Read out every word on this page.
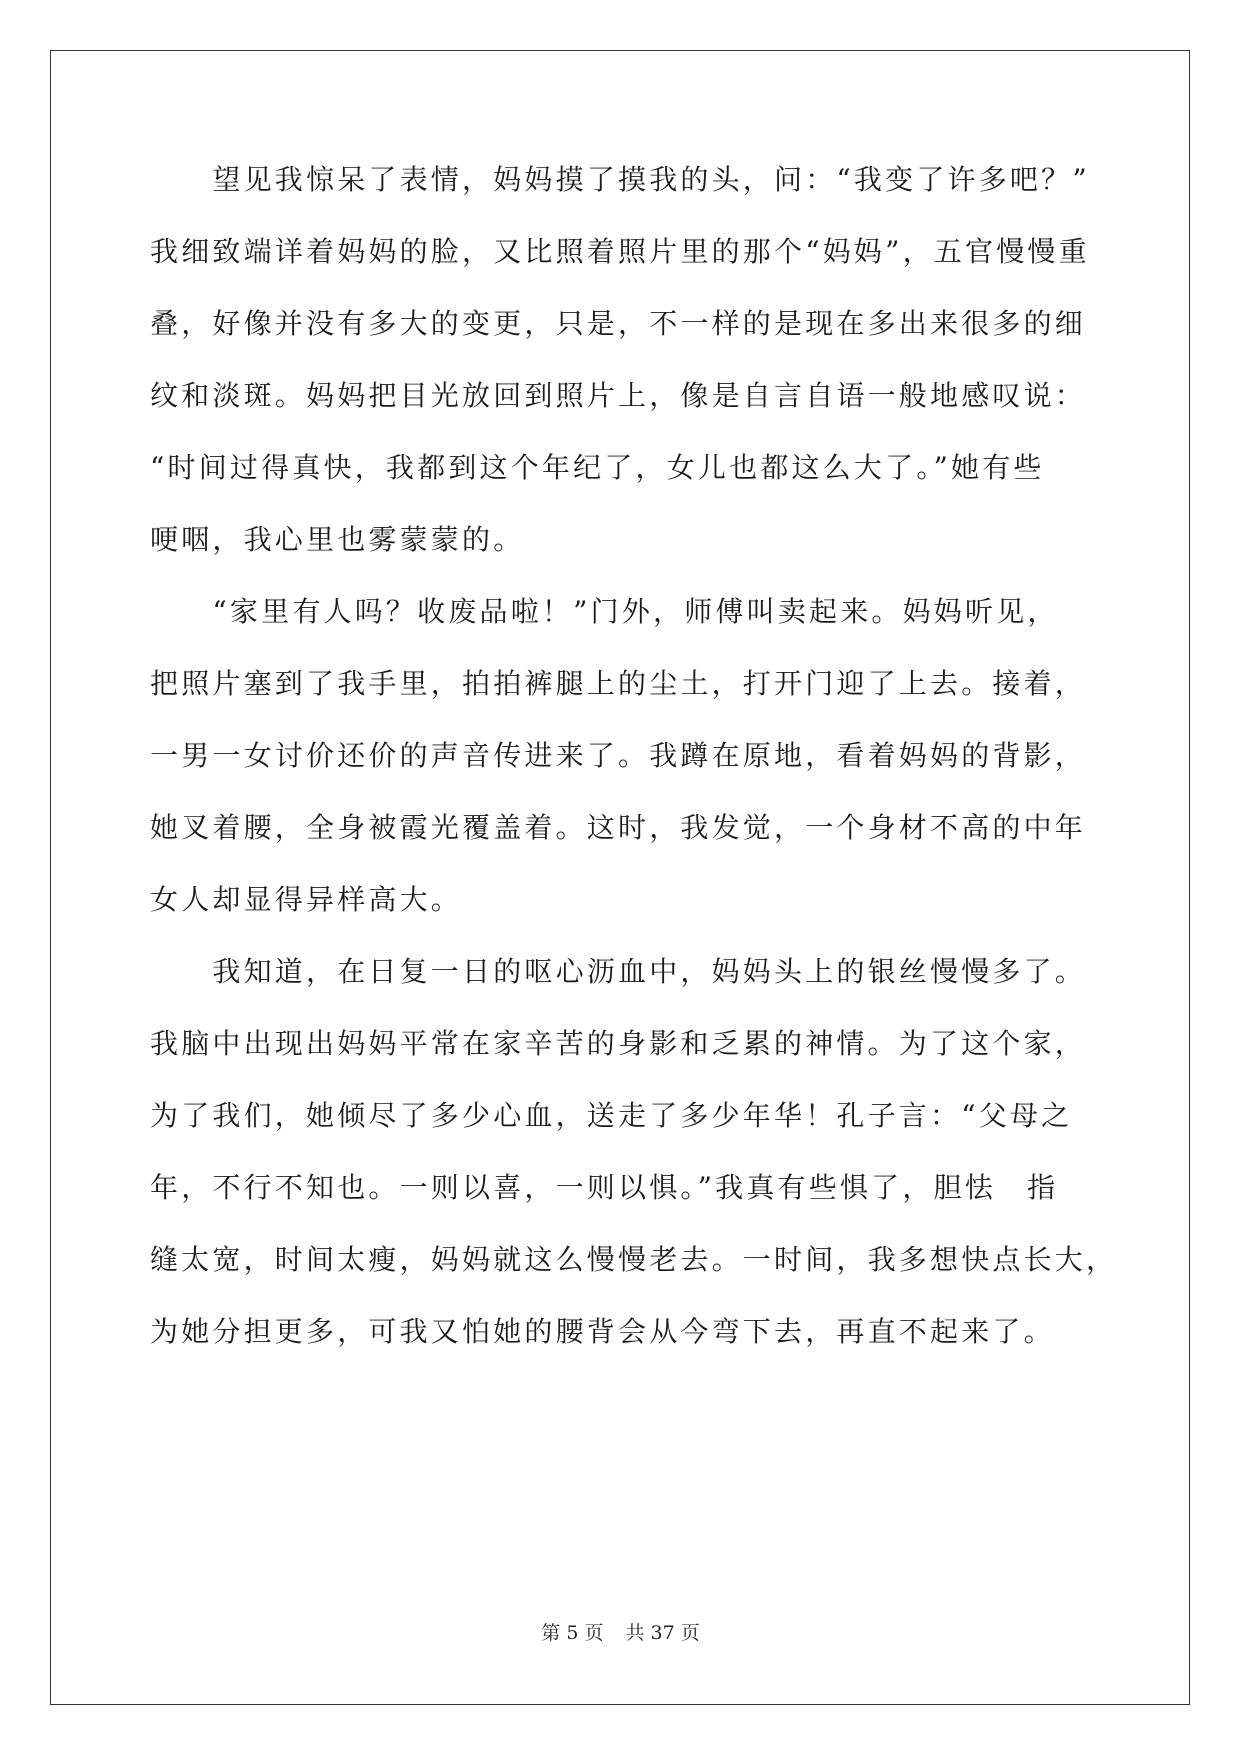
　　望见我惊呆了表情，妈妈摸了摸我的头，问：“我变了许多吧？”
我细致端详着妈妈的脸，又比照着照片里的那个“妈妈”，五官慢慢重
叠，好像并没有多大的变更，只是，不一样的是现在多出来很多的细
纹和淡斑。妈妈把目光放回到照片上，像是自言自语一般地感叹说：
“时间过得真快，我都到这个年纪了，女儿也都这么大了。”她有些
哽咽，我心里也雾蒙蒙的。
　　“家里有人吗？收废品啦！”门外，师傅叫卖起来。妈妈听见，
把照片塞到了我手里，拍拍裤腿上的尘土，打开门迎了上去。接着，
一男一女讨价还价的声音传进来了。我蹲在原地，看着妈妈的背影，
她叉着腰，全身被霞光覆盖着。这时，我发觉，一个身材不高的中年
女人却显得异样高大。
　　我知道，在日复一日的呕心沥血中，妈妈头上的银丝慢慢多了。
我脑中出现出妈妈平常在家辛苦的身影和乏累的神情。为了这个家，
为了我们，她倾尽了多少心血，送走了多少年华！孔子言：“父母之
年，不行不知也。一则以喜，一则以惧。”我真有些惧了，胆怯　指
缝太宽，时间太瘦，妈妈就这么慢慢老去。一时间，我多想快点长大，
为她分担更多，可我又怕她的腰背会从今弯下去，再直不起来了。
第 5 页 共 37 页
